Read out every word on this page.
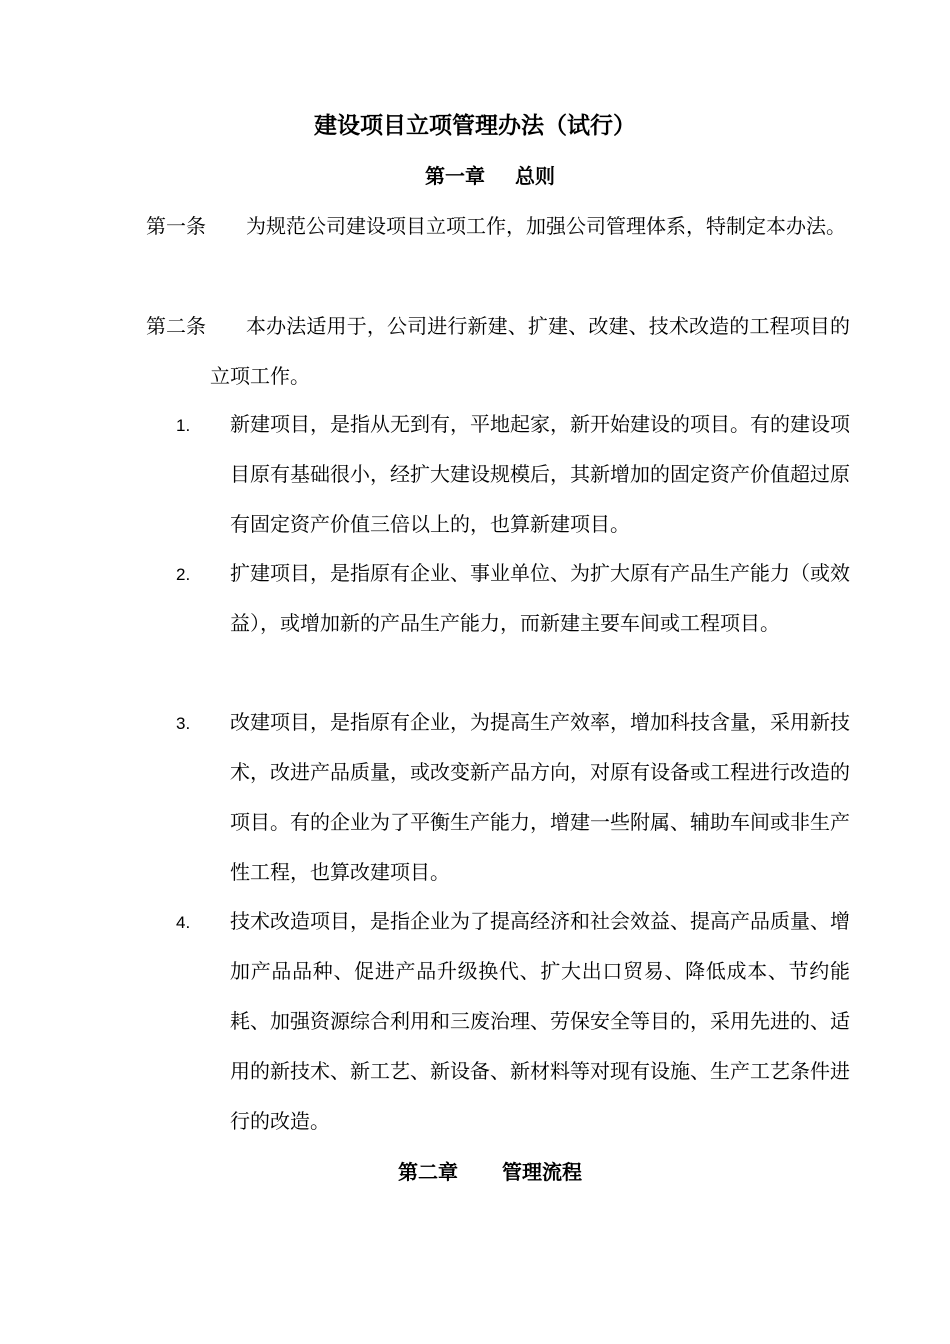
建设项目立项管理办法（试行）
第一章 总则
第一条	为规范公司建设项目立项工作，加强公司管理体系，特制定本办法。
第二条	本办法适用于，公司进行新建、扩建、改建、技术改造的工程项目的立项工作。
1. 新建项目，是指从无到有，平地起家，新开始建设的项目。有的建设项目原有基础很小，经扩大建设规模后，其新增加的固定资产价值超过原有固定资产价值三倍以上的，也算新建项目。
2. 扩建项目，是指原有企业、事业单位、为扩大原有产品生产能力（或效益），或增加新的产品生产能力，而新建主要车间或工程项目。
3. 改建项目，是指原有企业，为提高生产效率，增加科技含量，采用新技术，改进产品质量，或改变新产品方向，对原有设备或工程进行改造的项目。有的企业为了平衡生产能力，增建一些附属、辅助车间或非生产性工程，也算改建项目。
4. 技术改造项目，是指企业为了提高经济和社会效益、提高产品质量、增加产品品种、促进产品升级换代、扩大出口贸易、降低成本、节约能耗、加强资源综合利用和三废治理、劳保安全等目的，采用先进的、适用的新技术、新工艺、新设备、新材料等对现有设施、生产工艺条件进行的改造。
第二章 管理流程
